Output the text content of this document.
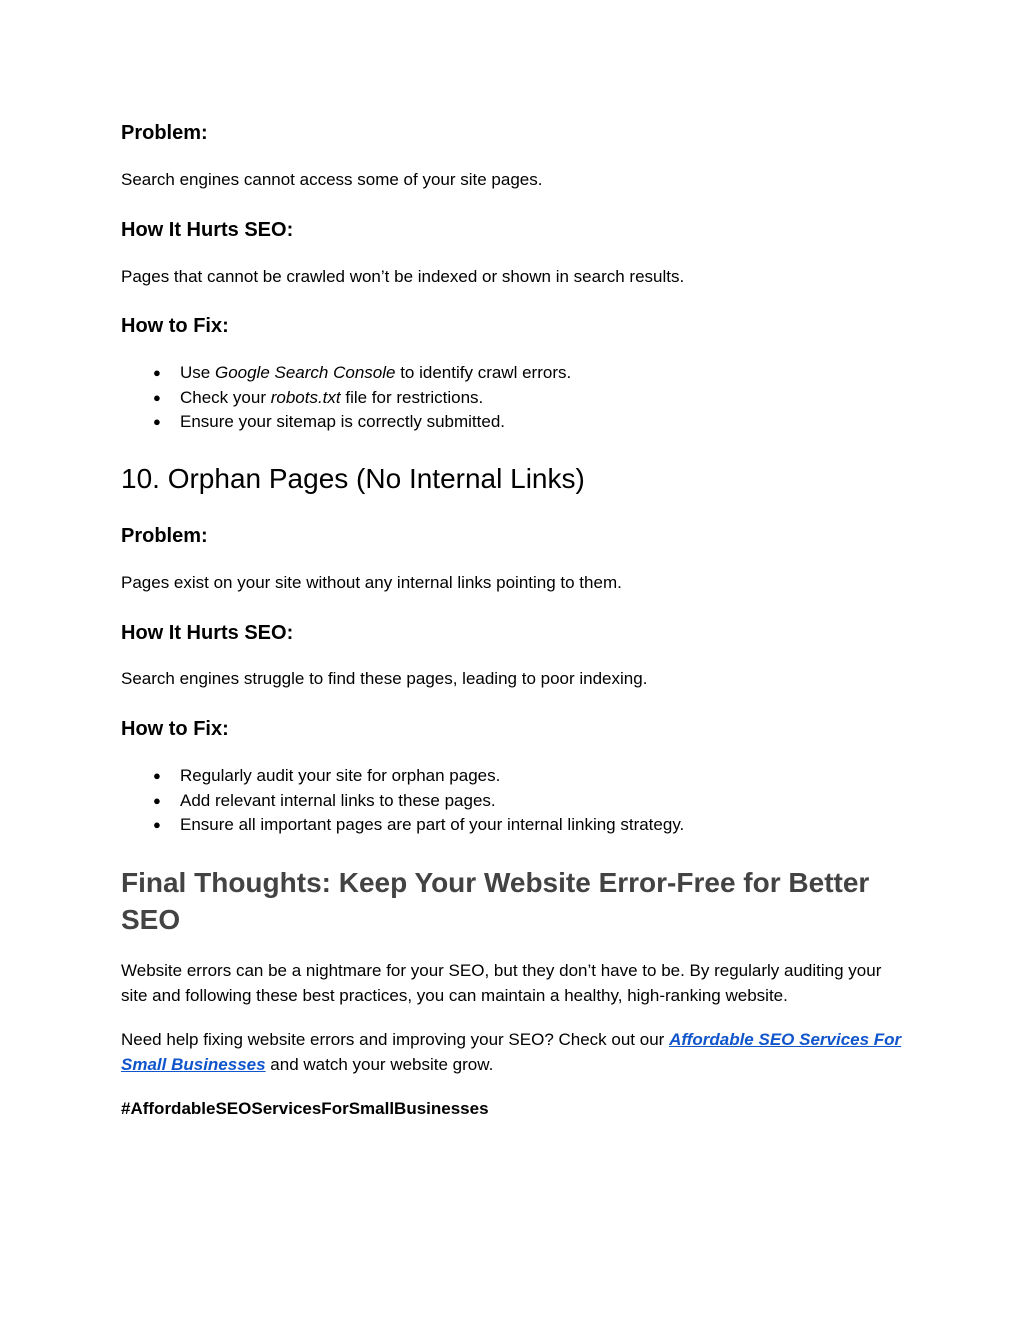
Problem:

Search engines cannot access some of your site pages.

How It Hurts SEO:

Pages that cannot be crawled won’t be indexed or shown in search results.

How to Fix:
● Use Google Search Console to identify crawl errors.
● Check your robots.txt file for restrictions.
● Ensure your sitemap is correctly submitted.
10. Orphan Pages (No Internal Links)
Problem:

Pages exist on your site without any internal links pointing to them.

How It Hurts SEO:

Search engines struggle to find these pages, leading to poor indexing.

How to Fix:
● Regularly audit your site for orphan pages.
● Add relevant internal links to these pages.
● Ensure all important pages are part of your internal linking strategy.
Final Thoughts: Keep Your Website Error-Free for Better SEO

Website errors can be a nightmare for your SEO, but they don’t have to be. By regularly auditing your site and following these best practices, you can maintain a healthy, high-ranking website.

Need help fixing website errors and improving your SEO? Check out our Affordable SEO Services For Small Businesses and watch your website grow.

#AffordableSEOServicesForSmallBusinesses
